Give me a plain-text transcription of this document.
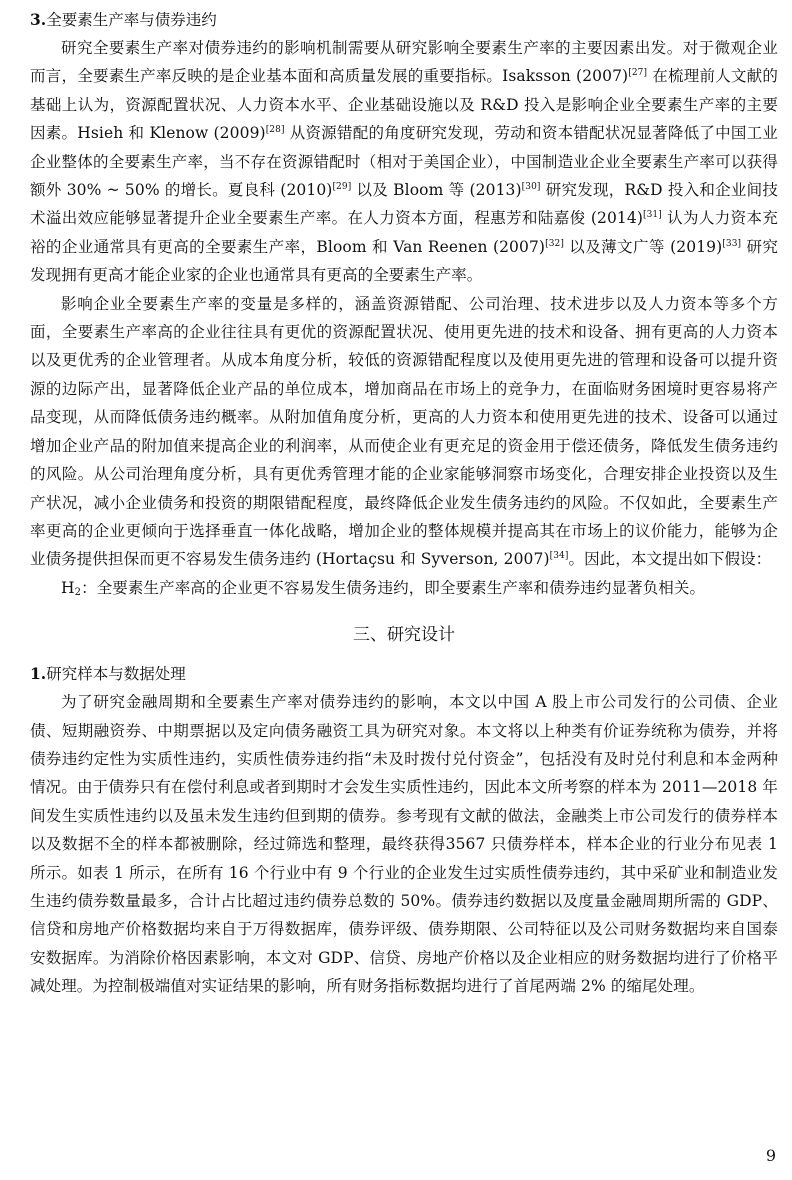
3.全要素生产率与债券违约

研究全要素生产率对债券违约的影响机制需要从研究影响全要素生产率的主要因素出发。对于微观企业而言，全要素生产率反映的是企业基本面和高质量发展的重要指标。Isaksson (2007)[27] 在梳理前人文献的基础上认为，资源配置状况、人力资本水平、企业基础设施以及 R&D 投入是影响企业全要素生产率的主要因素。Hsieh 和 Klenow (2009)[28] 从资源错配的角度研究发现，劳动和资本错配状况显著降低了中国工业企业整体的全要素生产率，当不存在资源错配时（相对于美国企业），中国制造业企业全要素生产率可以获得额外 30% ~ 50% 的增长。夏良科 (2010)[29] 以及 Bloom 等 (2013)[30] 研究发现，R&D 投入和企业间技术溢出效应能够显著提升企业全要素生产率。在人力资本方面，程惠芳和陆嘉俊 (2014)[31] 认为人力资本充裕的企业通常具有更高的全要素生产率，Bloom 和 Van Reenen (2007)[32] 以及薄文广等 (2019)[33] 研究发现拥有更高才能企业家的企业也通常具有更高的全要素生产率。

影响企业全要素生产率的变量是多样的，涵盖资源错配、公司治理、技术进步以及人力资本等多个方面，全要素生产率高的企业往往具有更优的资源配置状况、使用更先进的技术和设备、拥有更高的人力资本以及更优秀的企业管理者。从成本角度分析，较低的资源错配程度以及使用更先进的管理和设备可以提升资源的边际产出，显著降低企业产品的单位成本，增加商品在市场上的竞争力，在面临财务困境时更容易将产品变现，从而降低债务违约概率。从附加值角度分析，更高的人力资本和使用更先进的技术、设备可以通过增加企业产品的附加值来提高企业的利润率，从而使企业有更充足的资金用于偿还债务，降低发生债务违约的风险。从公司治理角度分析，具有更优秀管理才能的企业家能够洞察市场变化，合理安排企业投资以及生产状况，减小企业债务和投资的期限错配程度，最终降低企业发生债务违约的风险。不仅如此，全要素生产率更高的企业更倾向于选择垂直一体化战略，增加企业的整体规模并提高其在市场上的议价能力，能够为企业债务提供担保而更不容易发生债务违约 (Hortaçsu 和 Syverson, 2007)[34]。因此，本文提出如下假设：

$H_2$：全要素生产率高的企业更不容易发生债务违约，即全要素生产率和债券违约显著负相关。

三、研究设计
1.研究样本与数据处理

为了研究金融周期和全要素生产率对债券违约的影响，本文以中国 A 股上市公司发行的公司债、企业债、短期融资券、中期票据以及定向债务融资工具为研究对象。本文将以上种类有价证券统称为债券，并将债券违约定性为实质性违约，实质性债券违约指“未及时拨付兑付资金”，包括没有及时兑付利息和本金两种情况。由于债券只有在偿付利息或者到期时才会发生实质性违约，因此本文所考察的样本为 2011—2018 年间发生实质性违约以及虽未发生违约但到期的债券。参考现有文献的做法，金融类上市公司发行的债券样本以及数据不全的样本都被删除，经过筛选和整理，最终获得3567 只债券样本，样本企业的行业分布见表 1 所示。如表 1 所示，在所有 16 个行业中有 9 个行业的企业发生过实质性债券违约，其中采矿业和制造业发生违约债券数量最多，合计占比超过违约债券总数的 50%。债券违约数据以及度量金融周期所需的 GDP、信贷和房地产价格数据均来自于万得数据库，债券评级、债券期限、公司特征以及公司财务数据均来自国泰安数据库。为消除价格因素影响，本文对 GDP、信贷、房地产价格以及企业相应的财务数据均进行了价格平减处理。为控制极端值对实证结果的影响，所有财务指标数据均进行了首尾两端 2% 的缩尾处理。

9
